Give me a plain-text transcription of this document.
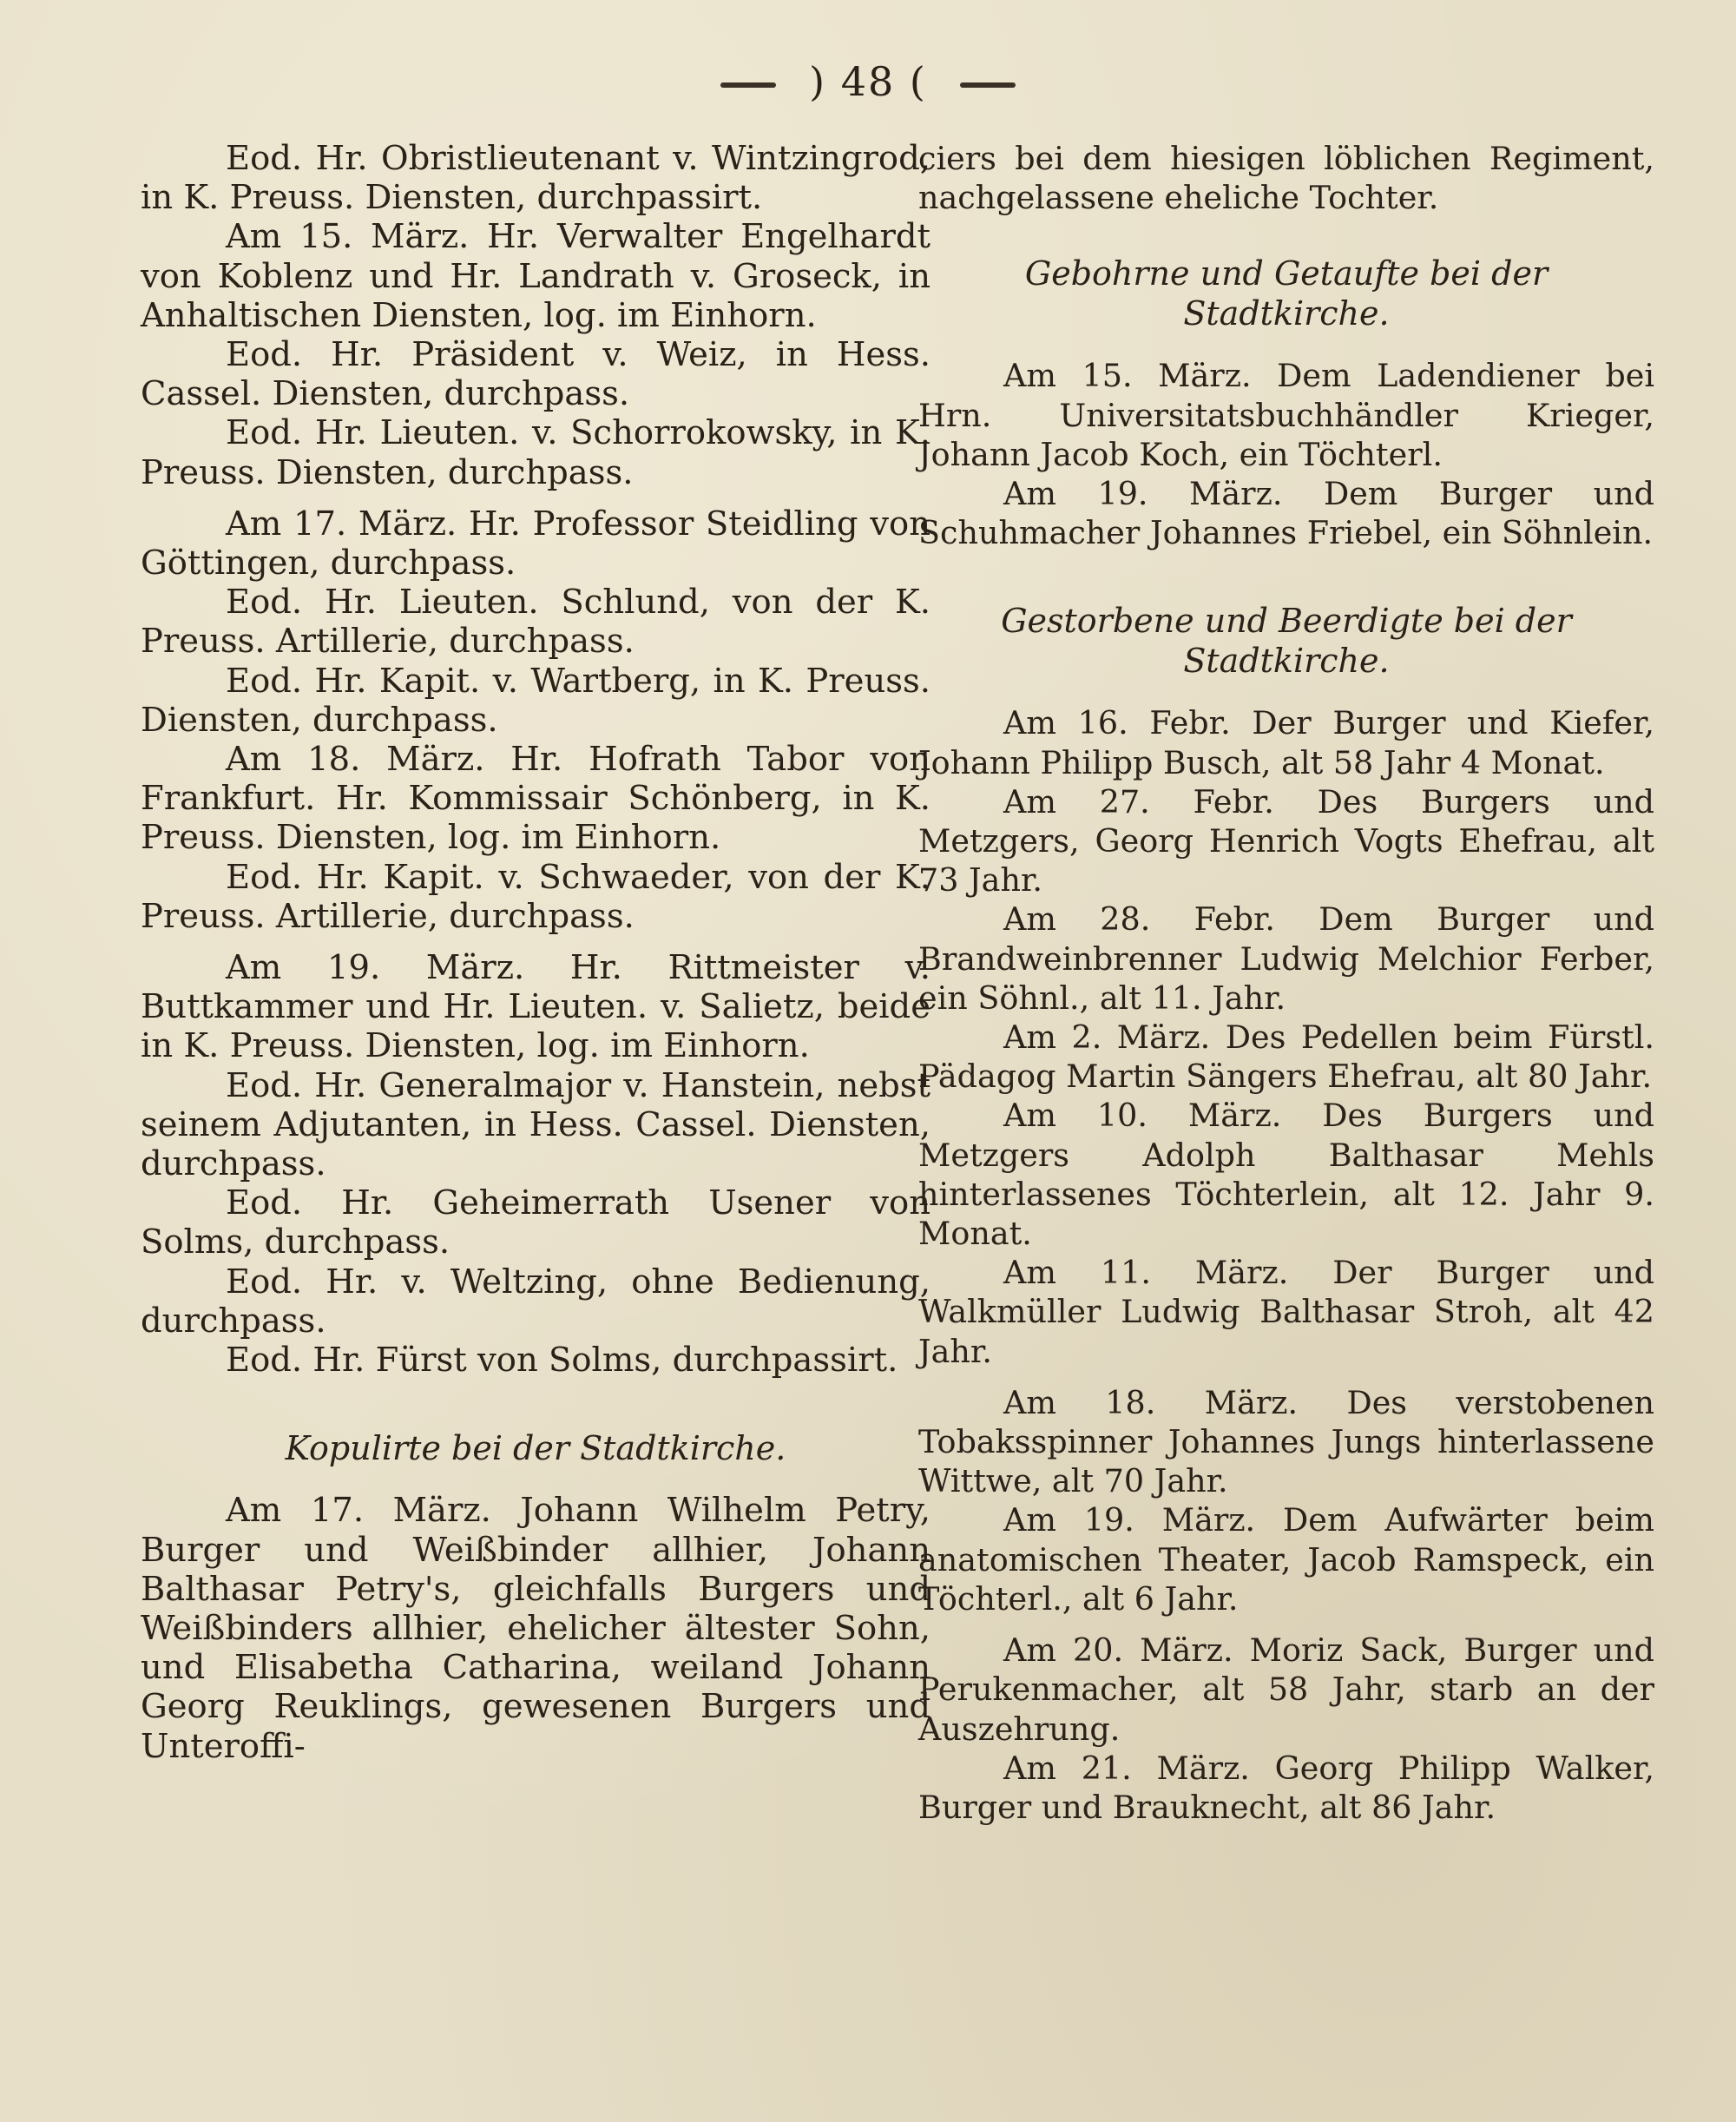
) 48 (

Eod. Hr. Obristlieutenant v. Wintzingrod, in K. Preuss. Diensten, durchpassirt.

Am 15. März. Hr. Verwalter Engelhardt von Koblenz und Hr. Landrath v. Groseck, in Anhaltischen Diensten, log. im Einhorn.

Eod. Hr. Präsident v. Weiz, in Hess. Cassel. Diensten, durchpass.

Eod. Hr. Lieuten. v. Schorrokowsky, in K. Preuss. Diensten, durchpass.

Am 17. März. Hr. Professor Steidling von Göttingen, durchpass.

Eod. Hr. Lieuten. Schlund, von der K. Preuss. Artillerie, durchpass.

Eod. Hr. Kapit. v. Wartberg, in K. Preuss. Diensten, durchpass.

Am 18. März. Hr. Hofrath Tabor von Frankfurt. Hr. Kommissair Schönberg, in K. Preuss. Diensten, log. im Einhorn.

Eod. Hr. Kapit. v. Schwaeder, von der K. Preuss. Artillerie, durchpass.

Am 19. März. Hr. Rittmeister v. Buttkammer und Hr. Lieuten. v. Salietz, beide in K. Preuss. Diensten, log. im Einhorn.

Eod. Hr. Generalmajor v. Hanstein, nebst seinem Adjutanten, in Hess. Cassel. Diensten, durchpass.

Eod. Hr. Geheimerrath Usener von Solms, durchpass.

Eod. Hr. v. Weltzing, ohne Bedienung, durchpass.

Eod. Hr. Fürst von Solms, durchpassirt.

Kopulirte bei der Stadtkirche.

Am 17. März. Johann Wilhelm Petry, Burger und Weißbinder allhier, Johann Balthasar Petry's, gleichfalls Burgers und Weißbinders allhier, ehelicher ältester Sohn, und Elisabetha Catharina, weiland Johann Georg Reuklings, gewesenen Burgers und Unteroffi-

ciers bei dem hiesigen löblichen Regiment, nachgelassene eheliche Tochter.

Gebohrne und Getaufte bei der Stadtkirche.

Am 15. März. Dem Ladendiener bei Hrn. Universitatsbuchhändler Krieger, Johann Jacob Koch, ein Töchterl.

Am 19. März. Dem Burger und Schuhmacher Johannes Friebel, ein Söhnlein.

Gestorbene und Beerdigte bei der Stadtkirche.

Am 16. Febr. Der Burger und Kiefer, Johann Philipp Busch, alt 58 Jahr 4 Monat.

Am 27. Febr. Des Burgers und Metzgers, Georg Henrich Vogts Ehefrau, alt 73 Jahr.

Am 28. Febr. Dem Burger und Brandweinbrenner Ludwig Melchior Ferber, ein Söhnl., alt 11. Jahr.

Am 2. März. Des Pedellen beim Fürstl. Pädagog Martin Sängers Ehefrau, alt 80 Jahr.

Am 10. März. Des Burgers und Metzgers Adolph Balthasar Mehls hinterlassenes Töchterlein, alt 12. Jahr 9. Monat.

Am 11. März. Der Burger und Walkmüller Ludwig Balthasar Stroh, alt 42 Jahr.

Am 18. März. Des verstobenen Tobaksspinner Johannes Jungs hinterlassene Wittwe, alt 70 Jahr.

Am 19. März. Dem Aufwärter beim anatomischen Theater, Jacob Ramspeck, ein Töchterl., alt 6 Jahr.

Am 20. März. Moriz Sack, Burger und Perukenmacher, alt 58 Jahr, starb an der Auszehrung.

Am 21. März. Georg Philipp Walker, Burger und Brauknecht, alt 86 Jahr.
